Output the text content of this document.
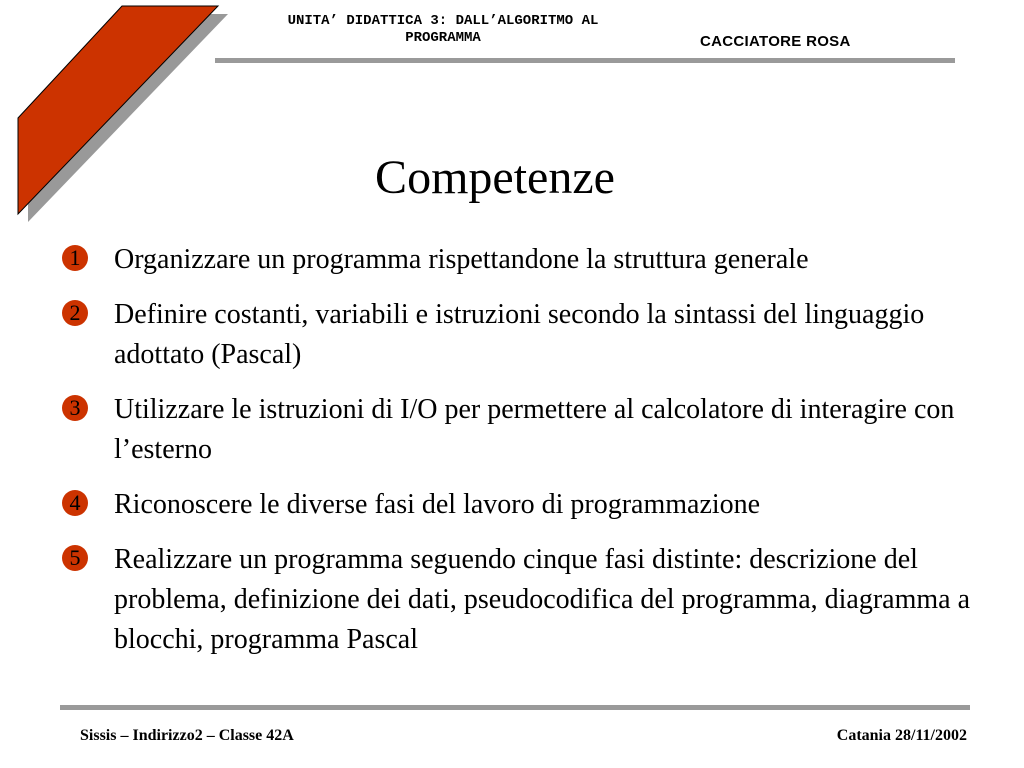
UNITA’ DIDATTICA 3: DALL’ALGORITMO AL
PROGRAMMA	CACCIATORE ROSA
Competenze
1 Organizzare un programma rispettandone la struttura generale
2 Definire costanti, variabili e istruzioni secondo la sintassi del linguaggio adottato (Pascal)
3 Utilizzare le istruzioni di I/O per permettere al calcolatore di interagire con l’esterno
4 Riconoscere le diverse fasi del lavoro di programmazione
5 Realizzare un programma seguendo cinque fasi distinte: descrizione del problema, definizione dei dati, pseudocodifica del programma, diagramma a blocchi, programma Pascal
Sissis – Indirizzo2 – Classe 42A	Catania 28/11/2002
